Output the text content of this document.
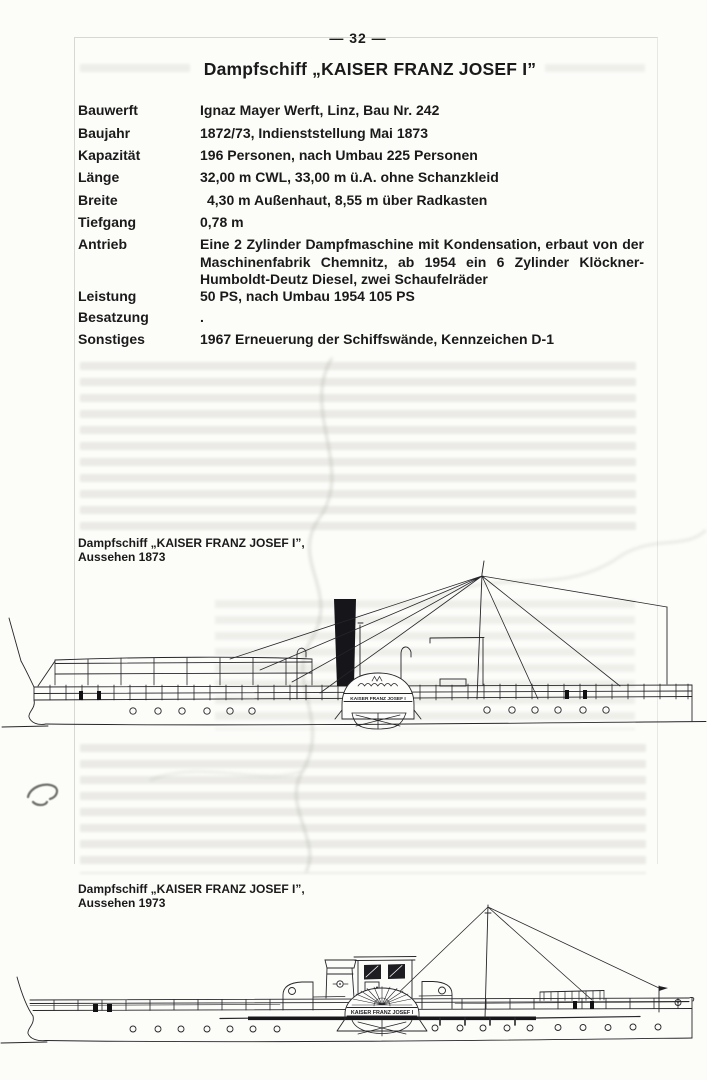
— 32 —
Dampfschiff „KAISER FRANZ JOSEF I”
Bauwerft	Ignaz Mayer Werft, Linz, Bau Nr. 242
Baujahr	1872/73, Indienststellung Mai 1873
Kapazität	196 Personen, nach Umbau 225 Personen
Länge	32,00 m CWL, 33,00 m ü.A. ohne Schanzkleid
Breite	4,30 m Außenhaut, 8,55 m über Radkasten
Tiefgang	0,78 m
Antrieb	Eine 2 Zylinder Dampfmaschine mit Kondensation, erbaut von der Maschinenfabrik Chemnitz, ab 1954 ein 6 Zylinder Klöckner-Humboldt-Deutz Diesel, zwei Schaufelräder
Leistung	50 PS, nach Umbau 1954 105 PS
Besatzung	.
Sonstiges	1967 Erneuerung der Schiffswände, Kennzeichen D-1
Dampfschiff „KAISER FRANZ JOSEF I”,
Aussehen 1873
KAISER FRANZ JOSEF I
Dampfschiff „KAISER FRANZ JOSEF I”,
Aussehen 1973
KAISER FRANZ JOSEF I
